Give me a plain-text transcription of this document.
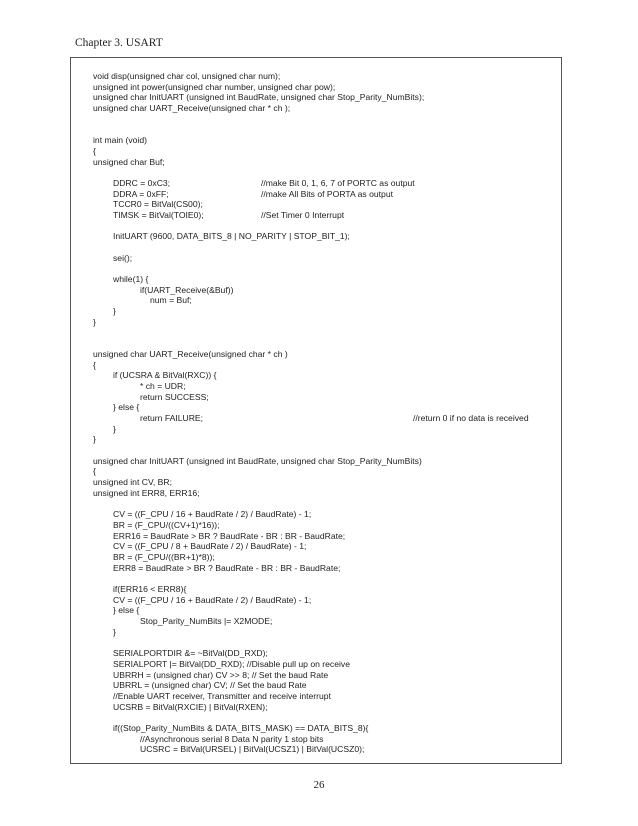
Chapter 3. USART
void disp(unsigned char col, unsigned char num);
unsigned int power(unsigned char number, unsigned char pow);
unsigned char InitUART (unsigned int BaudRate, unsigned char Stop_Parity_NumBits);
unsigned char UART_Receive(unsigned char * ch );
int main (void)
{
unsigned char Buf;
DDRC = 0xC3;	//make Bit 0, 1, 6, 7 of PORTC as output
DDRA = 0xFF;	//make All Bits of PORTA as output
TCCR0 = BitVal(CS00);
TIMSK = BitVal(TOIE0);	//Set Timer 0 Interrupt
InitUART (9600, DATA_BITS_8 | NO_PARITY | STOP_BIT_1);
sei();
while(1) {
if(UART_Receive(&Buf))
num = Buf;
}
}
unsigned char UART_Receive(unsigned char * ch )
{
if (UCSRA & BitVal(RXC)) {
* ch = UDR;
return SUCCESS;
} else {
return FAILURE;	//return 0 if no data is received
}
}
unsigned char InitUART (unsigned int BaudRate, unsigned char Stop_Parity_NumBits)
{
unsigned int CV, BR;
unsigned int ERR8, ERR16;
CV = ((F_CPU / 16 + BaudRate / 2) / BaudRate) - 1;
BR = (F_CPU/((CV+1)*16));
ERR16 = BaudRate > BR ? BaudRate - BR : BR - BaudRate;
CV = ((F_CPU / 8 + BaudRate / 2) / BaudRate) - 1;
BR = (F_CPU/((BR+1)*8));
ERR8 = BaudRate > BR ? BaudRate - BR : BR - BaudRate;
if(ERR16 < ERR8){
CV = ((F_CPU / 16 + BaudRate / 2) / BaudRate) - 1;
} else {
Stop_Parity_NumBits |= X2MODE;
}
SERIALPORTDIR &= ~BitVal(DD_RXD);
SERIALPORT |= BitVal(DD_RXD); //Disable pull up on receive
UBRRH = (unsigned char) CV >> 8; // Set the baud Rate
UBRRL = (unsigned char) CV; // Set the baud Rate
//Enable UART receiver, Transmitter and receive interrupt
UCSRB = BitVal(RXCIE) | BitVal(RXEN);
if((Stop_Parity_NumBits & DATA_BITS_MASK) == DATA_BITS_8){
//Asynchronous serial 8 Data N parity 1 stop bits
UCSRC = BitVal(URSEL) | BitVal(UCSZ1) | BitVal(UCSZ0);
26
